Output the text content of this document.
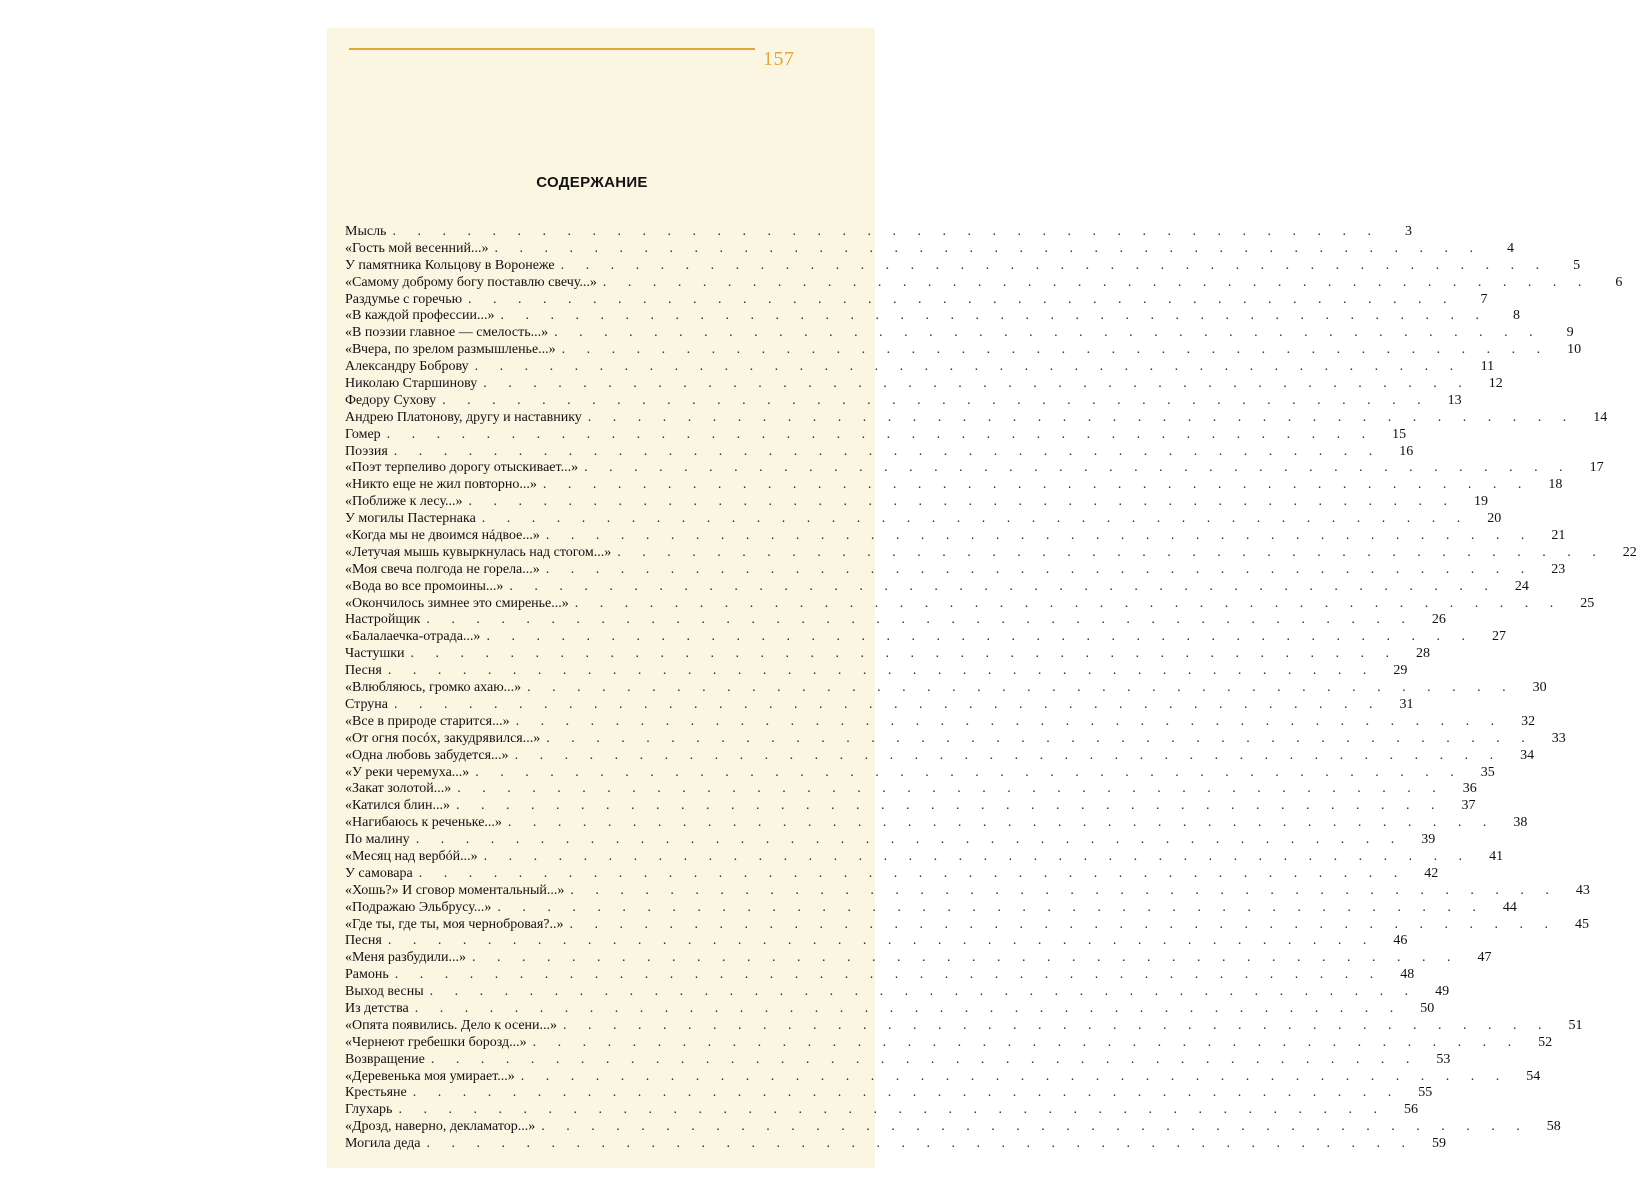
157
СОДЕРЖАНИЕ
Мысль . . . . . . . . . . . . . . . . . . . . . . . . . . . . . . . . . . . . . . . .	3
«Гость мой весенний...» . . . . . . . . . . . . . . . . . . . . . . . . . . . . . . . . . . . . . . . .	4
У памятника Кольцову в Воронеже . . . . . . . . . . . . . . . . . . . . . . . . . . . . . . . . . . . . . . . .	5
«Самому доброму богу поставлю свечу...» . . . . . . . . . . . . . . . . . . . . . . . . . . . . . . . . . . . . . . . .	6
Раздумье с горечью . . . . . . . . . . . . . . . . . . . . . . . . . . . . . . . . . . . . . . . .	7
«В каждой профессии...» . . . . . . . . . . . . . . . . . . . . . . . . . . . . . . . . . . . . . . . .	8
«В поэзии главное — смелость...» . . . . . . . . . . . . . . . . . . . . . . . . . . . . . . . . . . . . . . . .	9
«Вчера, по зрелом размышленье...» . . . . . . . . . . . . . . . . . . . . . . . . . . . . . . . . . . . . . . . .	10
Александру Боброву . . . . . . . . . . . . . . . . . . . . . . . . . . . . . . . . . . . . . . . .	11
Николаю Старшинову . . . . . . . . . . . . . . . . . . . . . . . . . . . . . . . . . . . . . . . .	12
Федору Сухову . . . . . . . . . . . . . . . . . . . . . . . . . . . . . . . . . . . . . . . .	13
Андрею Платонову, другу и наставнику . . . . . . . . . . . . . . . . . . . . . . . . . . . . . . . . . . . . . . . .	14
Гомер . . . . . . . . . . . . . . . . . . . . . . . . . . . . . . . . . . . . . . . .	15
Поэзия . . . . . . . . . . . . . . . . . . . . . . . . . . . . . . . . . . . . . . . .	16
«Поэт терпеливо дорогу отыскивает...» . . . . . . . . . . . . . . . . . . . . . . . . . . . . . . . . . . . . . . . .	17
«Никто еще не жил повторно...» . . . . . . . . . . . . . . . . . . . . . . . . . . . . . . . . . . . . . . . .	18
«Поближе к лесу...» . . . . . . . . . . . . . . . . . . . . . . . . . . . . . . . . . . . . . . . .	19
У могилы Пастернака . . . . . . . . . . . . . . . . . . . . . . . . . . . . . . . . . . . . . . . .	20
«Когда мы не двоимся нáдвое...» . . . . . . . . . . . . . . . . . . . . . . . . . . . . . . . . . . . . . . . .	21
«Летучая мышь кувыркнулась над стогом...» . . . . . . . . . . . . . . . . . . . . . . . . . . . . . . . . . . . . . . . .	22
«Моя свеча полгода не горела...» . . . . . . . . . . . . . . . . . . . . . . . . . . . . . . . . . . . . . . . .	23
«Вода во все промоины...» . . . . . . . . . . . . . . . . . . . . . . . . . . . . . . . . . . . . . . . .	24
«Окончилось зимнее это смиренье...» . . . . . . . . . . . . . . . . . . . . . . . . . . . . . . . . . . . . . . . .	25
Настройщик . . . . . . . . . . . . . . . . . . . . . . . . . . . . . . . . . . . . . . . .	26
«Балалаечка-отрада...» . . . . . . . . . . . . . . . . . . . . . . . . . . . . . . . . . . . . . . . .	27
Частушки . . . . . . . . . . . . . . . . . . . . . . . . . . . . . . . . . . . . . . . .	28
Песня . . . . . . . . . . . . . . . . . . . . . . . . . . . . . . . . . . . . . . . .	29
«Влюбляюсь, громко ахаю...» . . . . . . . . . . . . . . . . . . . . . . . . . . . . . . . . . . . . . . . .	30
Струна . . . . . . . . . . . . . . . . . . . . . . . . . . . . . . . . . . . . . . . .	31
«Все в природе старится...» . . . . . . . . . . . . . . . . . . . . . . . . . . . . . . . . . . . . . . . .	32
«От огня посóх, закудрявился...» . . . . . . . . . . . . . . . . . . . . . . . . . . . . . . . . . . . . . . . .	33
«Одна любовь забудется...» . . . . . . . . . . . . . . . . . . . . . . . . . . . . . . . . . . . . . . . .	34
«У реки черемуха...» . . . . . . . . . . . . . . . . . . . . . . . . . . . . . . . . . . . . . . . .	35
«Закат золотой...» . . . . . . . . . . . . . . . . . . . . . . . . . . . . . . . . . . . . . . . .	36
«Катился блин...» . . . . . . . . . . . . . . . . . . . . . . . . . . . . . . . . . . . . . . . .	37
«Нагибаюсь к реченьке...» . . . . . . . . . . . . . . . . . . . . . . . . . . . . . . . . . . . . . . . .	38
По малину . . . . . . . . . . . . . . . . . . . . . . . . . . . . . . . . . . . . . . . .	39
«Месяц над вербóй...» . . . . . . . . . . . . . . . . . . . . . . . . . . . . . . . . . . . . . . . .	41
У самовара . . . . . . . . . . . . . . . . . . . . . . . . . . . . . . . . . . . . . . . .	42
«Хошь?» И сговор моментальный...» . . . . . . . . . . . . . . . . . . . . . . . . . . . . . . . . . . . . . . . .	43
«Подражаю Эльбрусу...» . . . . . . . . . . . . . . . . . . . . . . . . . . . . . . . . . . . . . . . .	44
«Где ты, где ты, моя чернобровая?..» . . . . . . . . . . . . . . . . . . . . . . . . . . . . . . . . . . . . . . . .	45
Песня . . . . . . . . . . . . . . . . . . . . . . . . . . . . . . . . . . . . . . . .	46
«Меня разбудили...» . . . . . . . . . . . . . . . . . . . . . . . . . . . . . . . . . . . . . . . .	47
Рамонь . . . . . . . . . . . . . . . . . . . . . . . . . . . . . . . . . . . . . . . .	48
Выход весны . . . . . . . . . . . . . . . . . . . . . . . . . . . . . . . . . . . . . . . .	49
Из детства . . . . . . . . . . . . . . . . . . . . . . . . . . . . . . . . . . . . . . . .	50
«Опята появились. Дело к осени...» . . . . . . . . . . . . . . . . . . . . . . . . . . . . . . . . . . . . . . . .	51
«Чернеют гребешки борозд...» . . . . . . . . . . . . . . . . . . . . . . . . . . . . . . . . . . . . . . . .	52
Возвращение . . . . . . . . . . . . . . . . . . . . . . . . . . . . . . . . . . . . . . . .	53
«Деревенька моя умирает...» . . . . . . . . . . . . . . . . . . . . . . . . . . . . . . . . . . . . . . . .	54
Крестьяне . . . . . . . . . . . . . . . . . . . . . . . . . . . . . . . . . . . . . . . .	55
Глухарь . . . . . . . . . . . . . . . . . . . . . . . . . . . . . . . . . . . . . . . .	56
«Дрозд, наверно, декламатор...» . . . . . . . . . . . . . . . . . . . . . . . . . . . . . . . . . . . . . . . .	58
Могила деда . . . . . . . . . . . . . . . . . . . . . . . . . . . . . . . . . . . . . . . .	59
